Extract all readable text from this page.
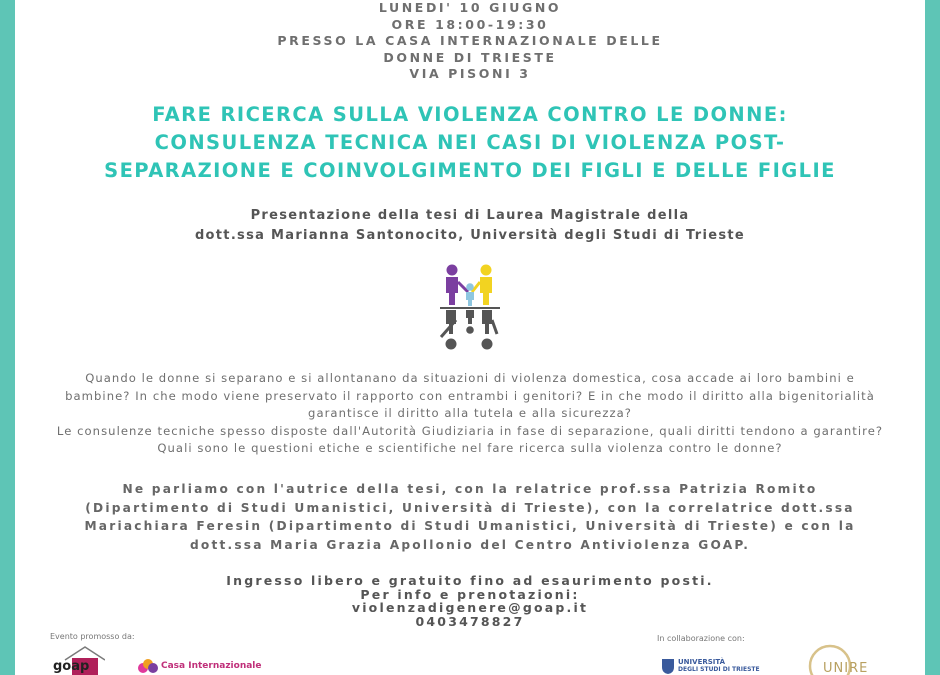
LUNEDI' 10 GIUGNO
ORE 18:00-19:30
PRESSO LA CASA INTERNAZIONALE DELLE
DONNE DI TRIESTE
VIA PISONI 3
FARE RICERCA SULLA VIOLENZA CONTRO LE DONNE:
CONSULENZA TECNICA NEI CASI DI VIOLENZA POST-
SEPARAZIONE E COINVOLGIMENTO DEI FIGLI E DELLE FIGLIE
Presentazione della tesi di Laurea Magistrale della
dott.ssa Marianna Santonocito, Università degli Studi di Trieste
Quando le donne si separano e si allontanano da situazioni di violenza domestica, cosa accade ai loro bambini e bambine? In che modo viene preservato il rapporto con entrambi i genitori? E in che modo il diritto alla bigenitorialità garantisce il diritto alla tutela e alla sicurezza?
Le consulenze tecniche spesso disposte dall'Autorità Giudiziaria in fase di separazione, quali diritti tendono a garantire? Quali sono le questioni etiche e scientifiche nel fare ricerca sulla violenza contro le donne?
Ne parliamo con l'autrice della tesi, con la relatrice prof.ssa Patrizia Romito (Dipartimento di Studi Umanistici, Università di Trieste), con la correlatrice dott.ssa Mariachiara Feresin (Dipartimento di Studi Umanistici, Università di Trieste) e con la dott.ssa Maria Grazia Apollonio del Centro Antiviolenza GOAP.
Ingresso libero e gratuito fino ad esaurimento posti.
Per info e prenotazioni:
violenzadigenere@goap.it
0403478827
Evento promosso da:	In collaborazione con:
goap	Casa Internazionale	UNIVERSITÀ
DEGLI STUDI DI TRIESTE	UNIRE
